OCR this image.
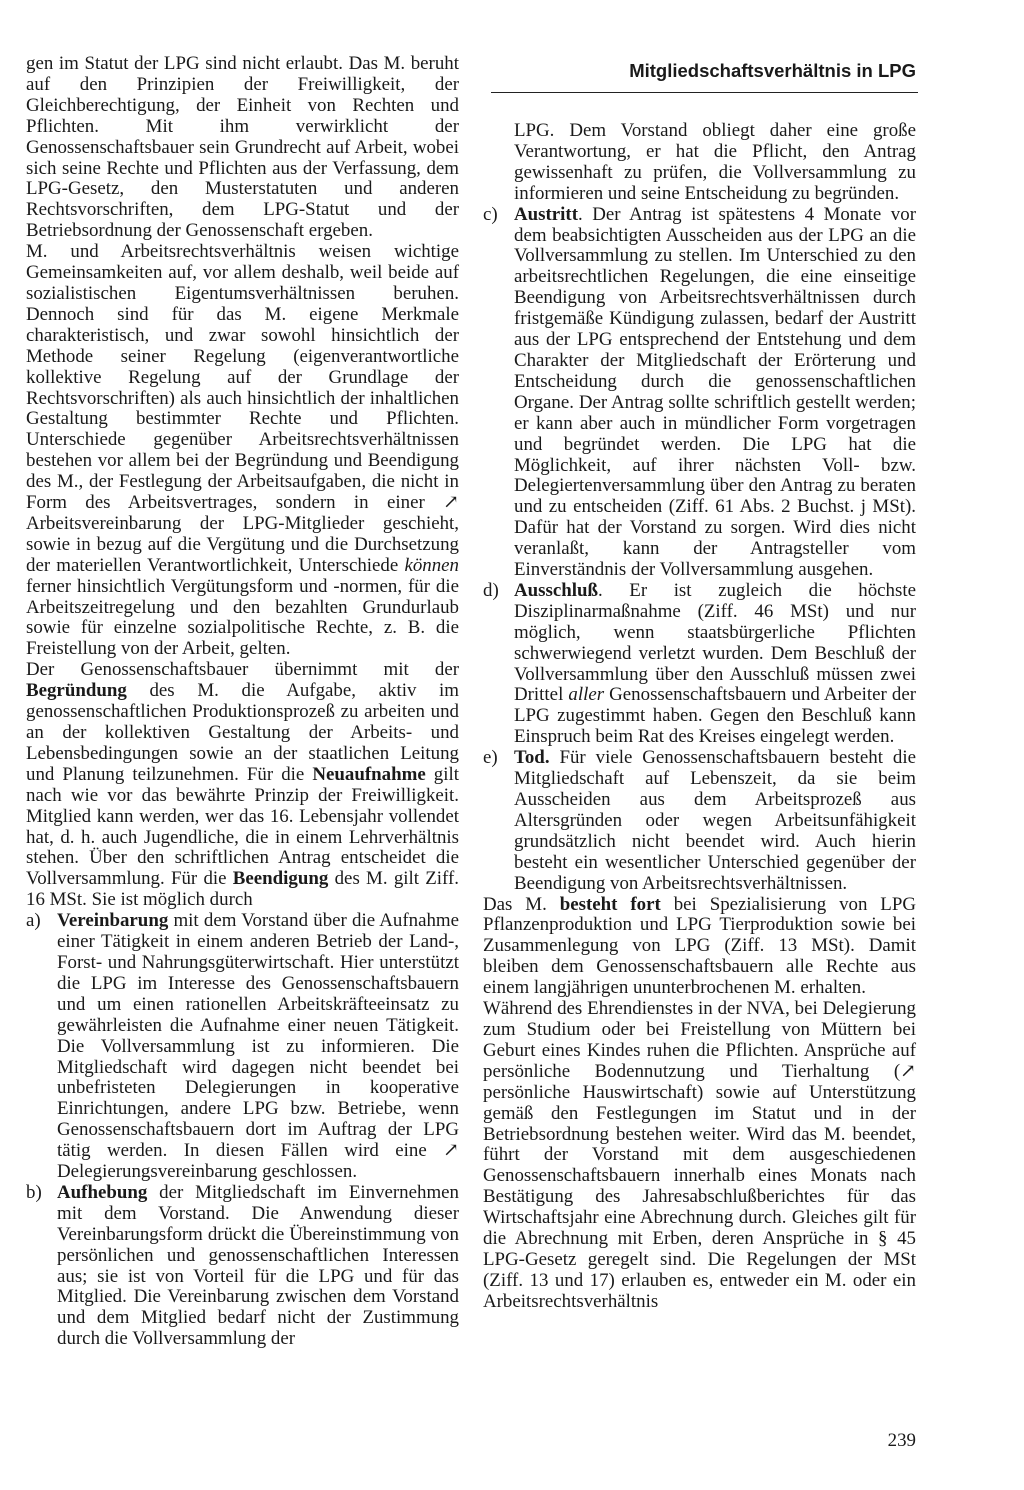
Mitgliedschaftsverhältnis in LPG

gen im Statut der LPG sind nicht erlaubt. Das M. beruht auf den Prinzipien der Freiwilligkeit, der Gleichberechtigung, der Einheit von Rechten und Pflichten. Mit ihm verwirklicht der Genossenschaftsbauer sein Grundrecht auf Arbeit, wobei sich seine Rechte und Pflichten aus der Verfassung, dem LPG-Gesetz, den Musterstatuten und anderen Rechtsvorschriften, dem LPG-Statut und der Betriebsordnung der Genossenschaft ergeben.

M. und Arbeitsrechtsverhältnis weisen wichtige Gemeinsamkeiten auf, vor allem deshalb, weil beide auf sozialistischen Eigentumsverhältnissen beruhen. Dennoch sind für das M. eigene Merkmale charakteristisch, und zwar sowohl hinsichtlich der Methode seiner Regelung (eigenverantwortliche kollektive Regelung auf der Grundlage der Rechtsvorschriften) als auch hinsichtlich der inhaltlichen Gestaltung bestimmter Rechte und Pflichten. Unterschiede gegenüber Arbeitsrechtsverhältnissen bestehen vor allem bei der Begründung und Beendigung des M., der Festlegung der Arbeitsaufgaben, die nicht in Form des Arbeitsvertrages, sondern in einer ↗ Arbeitsvereinbarung der LPG-Mitglieder geschieht, sowie in bezug auf die Vergütung und die Durchsetzung der materiellen Verantwortlichkeit, Unterschiede können ferner hinsichtlich Vergütungsform und -normen, für die Arbeitszeitregelung und den bezahlten Grundurlaub sowie für einzelne sozialpolitische Rechte, z. B. die Freistellung von der Arbeit, gelten.

Der Genossenschaftsbauer übernimmt mit der Begründung des M. die Aufgabe, aktiv im genossenschaftlichen Produktionsprozeß zu arbeiten und an der kollektiven Gestaltung der Arbeits- und Lebensbedingungen sowie an der staatlichen Leitung und Planung teilzunehmen. Für die Neuaufnahme gilt nach wie vor das bewährte Prinzip der Freiwilligkeit. Mitglied kann werden, wer das 16. Lebensjahr vollendet hat, d. h. auch Jugendliche, die in einem Lehrverhältnis stehen. Über den schriftlichen Antrag entscheidet die Vollversammlung. Für die Beendigung des M. gilt Ziff. 16 MSt. Sie ist möglich durch

a) Vereinbarung mit dem Vorstand über die Aufnahme einer Tätigkeit in einem anderen Betrieb der Land-, Forst- und Nahrungsgüterwirtschaft. Hier unterstützt die LPG im Interesse des Genossenschaftsbauern und um einen rationellen Arbeitskräfteeinsatz zu gewährleisten die Aufnahme einer neuen Tätigkeit. Die Vollversammlung ist zu informieren. Die Mitgliedschaft wird dagegen nicht beendet bei unbefristeten Delegierungen in kooperative Einrichtungen, andere LPG bzw. Betriebe, wenn Genossenschaftsbauern dort im Auftrag der LPG tätig werden. In diesen Fällen wird eine ↗ Delegierungsvereinbarung geschlossen.

b) Aufhebung der Mitgliedschaft im Einvernehmen mit dem Vorstand. Die Anwendung dieser Vereinbarungsform drückt die Übereinstimmung von persönlichen und genossenschaftlichen Interessen aus; sie ist von Vorteil für die LPG und für das Mitglied. Die Vereinbarung zwischen dem Vorstand und dem Mitglied bedarf nicht der Zustimmung durch die Vollversammlung der

LPG. Dem Vorstand obliegt daher eine große Verantwortung, er hat die Pflicht, den Antrag gewissenhaft zu prüfen, die Vollversammlung zu informieren und seine Entscheidung zu begründen.

c) Austritt. Der Antrag ist spätestens 4 Monate vor dem beabsichtigten Ausscheiden aus der LPG an die Vollversammlung zu stellen. Im Unterschied zu den arbeitsrechtlichen Regelungen, die eine einseitige Beendigung von Arbeitsrechtsverhältnissen durch fristgemäße Kündigung zulassen, bedarf der Austritt aus der LPG entsprechend der Entstehung und dem Charakter der Mitgliedschaft der Erörterung und Entscheidung durch die genossenschaftlichen Organe. Der Antrag sollte schriftlich gestellt werden; er kann aber auch in mündlicher Form vorgetragen und begründet werden. Die LPG hat die Möglichkeit, auf ihrer nächsten Voll- bzw. Delegiertenversammlung über den Antrag zu beraten und zu entscheiden (Ziff. 61 Abs. 2 Buchst. j MSt). Dafür hat der Vorstand zu sorgen. Wird dies nicht veranlaßt, kann der Antragsteller vom Einverständnis der Vollversammlung ausgehen.

d) Ausschluß. Er ist zugleich die höchste Disziplinarmaßnahme (Ziff. 46 MSt) und nur möglich, wenn staatsbürgerliche Pflichten schwerwiegend verletzt wurden. Dem Beschluß der Vollversammlung über den Ausschluß müssen zwei Drittel aller Genossenschaftsbauern und Arbeiter der LPG zugestimmt haben. Gegen den Beschluß kann Einspruch beim Rat des Kreises eingelegt werden.

e) Tod. Für viele Genossenschaftsbauern besteht die Mitgliedschaft auf Lebenszeit, da sie beim Ausscheiden aus dem Arbeitsprozeß aus Altersgründen oder wegen Arbeitsunfähigkeit grundsätzlich nicht beendet wird. Auch hierin besteht ein wesentlicher Unterschied gegenüber der Beendigung von Arbeitsrechtsverhältnissen.

Das M. besteht fort bei Spezialisierung von LPG Pflanzenproduktion und LPG Tierproduktion sowie bei Zusammenlegung von LPG (Ziff. 13 MSt). Damit bleiben dem Genossenschaftsbauern alle Rechte aus einem langjährigen ununterbrochenen M. erhalten.

Während des Ehrendienstes in der NVA, bei Delegierung zum Studium oder bei Freistellung von Müttern bei Geburt eines Kindes ruhen die Pflichten. Ansprüche auf persönliche Bodennutzung und Tierhaltung (↗ persönliche Hauswirtschaft) sowie auf Unterstützung gemäß den Festlegungen im Statut und in der Betriebsordnung bestehen weiter. Wird das M. beendet, führt der Vorstand mit dem ausgeschiedenen Genossenschaftsbauern innerhalb eines Monats nach Bestätigung des Jahresabschlußberichtes für das Wirtschaftsjahr eine Abrechnung durch. Gleiches gilt für die Abrechnung mit Erben, deren Ansprüche in § 45 LPG-Gesetz geregelt sind. Die Regelungen der MSt (Ziff. 13 und 17) erlauben es, entweder ein M. oder ein Arbeitsrechtsverhältnis

239
